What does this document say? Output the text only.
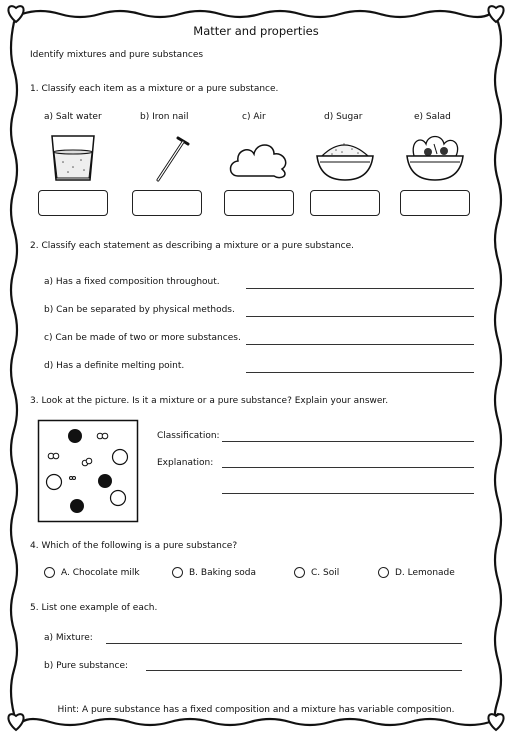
Matter and properties
Identify mixtures and pure substances
1. Classify each item as a mixture or a pure substance.
a) Salt water	b) Iron nail	c) Air	d) Sugar	e) Salad
2. Classify each statement as describing a mixture or a pure substance.
a) Has a fixed composition throughout.
b) Can be separated by physical methods.
c) Can be made of two or more substances.
d) Has a definite melting point.
3. Look at the picture. Is it a mixture or a pure substance? Explain your answer.
Classification:
Explanation:
4. Which of the following is a pure substance?
A. Chocolate milk	B. Baking soda	C. Soil	D. Lemonade
5. List one example of each.
a) Mixture:
b) Pure substance:
Hint: A pure substance has a fixed composition and a mixture has variable composition.
